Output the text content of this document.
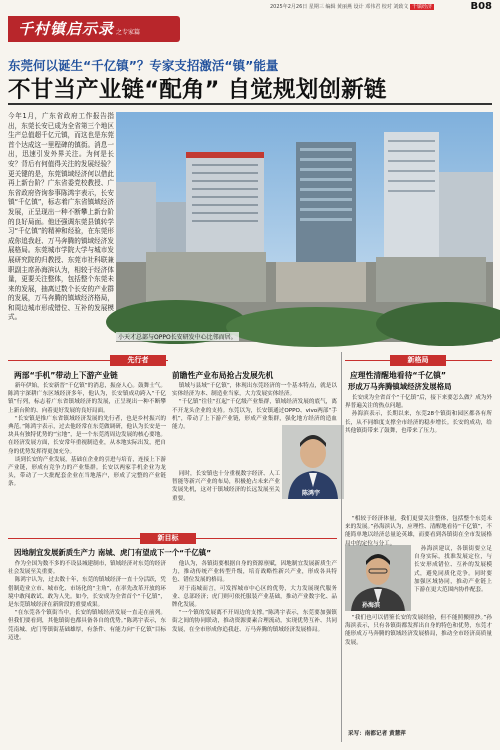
2025年2月26日 星期三 编辑 黄丽燕 设计 邓伟君 校对 刘致文 千镇经济	B08
千村镇启示录 之专家篇
东莞何以诞生“千亿镇”？专家支招激活“镇”能量
不甘当产业链“配角” 自觉规划创新链
今年1月，广东省政府工作报告指出，东莞长安已成为全省第三个地区生产总值超千亿元镇，而这也是东莞首个达成这一里程碑的镇街。消息一出，迅速引发外界关注。为何是长安？背后有何值得关注的发展经验？更关键的是，东莞镇域经济何以借此再上新台阶？广东省委党校教授、广东省政府咨询参事陈鸿宇表示，长安镇“千亿镇”，标志着广东省镇域经济发展，正呈现出一种不断攀上新台阶的良好局面。他还强调东莞县镇转学习“千亿镇”的精神和经验，在东莞形成你追我赶、万马奔腾的镇域经济发展格局。东莞城市学院大学与城市发展研究院的归教授、东莞市社科联兼职副主席孙海滨认为，相较于经济体量，更要关注整体，包括整个东莞未来的发展，抽离过数个长安的产业群的发展，万马奔腾的镇域经济格局，和周边城市形成错位、互补的发展模式。
小天才总部与OPPO长安研发中心比邻而居。
先行者
两部“手机”带动上下游产业链

新年伊始，长安新晋“千亿镇”的消息，振奋人心。鼓舞士气。陈鸿宇深耕广东区域经济多年，他认为，长安镇成功跨入“千亿镇”行列，标志着广东省镇域经济的发展，正呈现出一种不断攀上新台阶的、向着更好发展的良好局面。

“长安镇是推广东省镇域经济发展的先行者，也是乡村振兴的典范。”陈鸿宇表示，过去他经常在东莞做调研，他认为长安是一块具有独特优势的“宝地”，是一个东莞湾周边发展的核心要地。在经济发展方面，长安常年重视制造业，从本地实际出发，把自身的优势发挥得更加充分。

谈到长安的产业发展，基础在企业的引进与培育，连接上下游产业链，形成有竞争力的产业集群。长安以两家手机企业为龙头，带动了一大批配套企业在当地落户，形成了完整的产业链条。

前瞻性产业布局抢占发展先机

镇域与县域“千亿镇”，体现出东莞经济的一个基本特点，就是以实体经济为本、制造业当家，大力发展实体经济。

“千亿镇”往往“扛起”千亿级产业集群，镇域经济发展的底气，离不开龙头企业的支持。东莞以为，长安镇通过OPPO、vivo两部“手机”，带动了上下游产业链，形成产业集群，强化地方经济的造血能力。

同时，长安镇也十分重视数字经济、人工智能等新兴产业的布局，积极抢占未来产业发展先机，这对于镇域经济的长远发展至关重要。

陈鸿宇
新目标
因地制宜发展新质生产力 南城、虎门有望成下一个“千亿镇”

作为全国为数不多的不设县城建制市，镇域经济对东莞的经济社会发展至关重要。

陈鸿宇认为，过去数十年，东莞的镇域经济一直十分活跃，凭借制造业立市、城市化、市场化的“主角”，在率先改革开放的环境中敢闯敢试、敢为人先。如今，长安成为全省首个“千亿镇”，是东莞镇域经济在新阶段的重要成果。

“在东莞各个镇街当中，长安的镇域经济发展一直走在前列。但我们要看到，其他镇街也都具备各自的优势。”陈鸿宇表示，东莞南城、虎门等镇街基础雄厚，有条件、有能力向“千亿镇”目标迈进。

他认为，各镇街要根据自身的资源禀赋，因地制宜发展新质生产力，推动传统产业转型升级，培育战略性新兴产业，形成各具特色、错位发展的格局。

对于南城而言，可发挥城市中心区的优势，大力发展现代服务业、总部经济；虎门则可依托服装产业基础，推动产业数字化、品牌化发展。

“一个镇的发展离不开周边的支撑。”陈鸿宇表示，东莞要加强镇街之间的协同联动，推动资源要素合理流动，实现优势互补、共同发展，在全市形成你追我赶、万马奔腾的镇域经济发展格局。

新格局
应理性清醒地看待“千亿镇”
形成万马奔腾镇域经济发展格局

长安成为全省首个“千亿镇”后，接下来要怎么做？成为外界普遍关注的热点问题。

孙海滨表示，长期以来，东莞28个镇街和园区都各有所长，从不同维度支撑全市经济的稳步增长。长安的成功，给其他镇街带来了鼓舞，也带来了压力。

孙海滨

“相较于经济体量，我们更要关注整体，包括整个东莞未来的发展。”孙海滨认为，应理性、清醒地看待“千亿镇”，不能简单地以经济总量论英雄，而要看到各镇街在全市发展格局中的定位与分工。

孙海滨建议，各镇街要立足自身实际，找准发展定位，与长安形成错位、互补的发展模式，避免同质化竞争。同时要加强区域协同，推动产业链上下游在更大范围内协作配套。

“我们也可以借鉴长安的发展经验，但不能照搬照抄。”孙海滨表示，只有各镇街都发挥出自身的特色和优势，东莞才能形成万马奔腾的镇域经济发展格局，推动全市经济高质量发展。

采写：南都记者 黄慧萍
